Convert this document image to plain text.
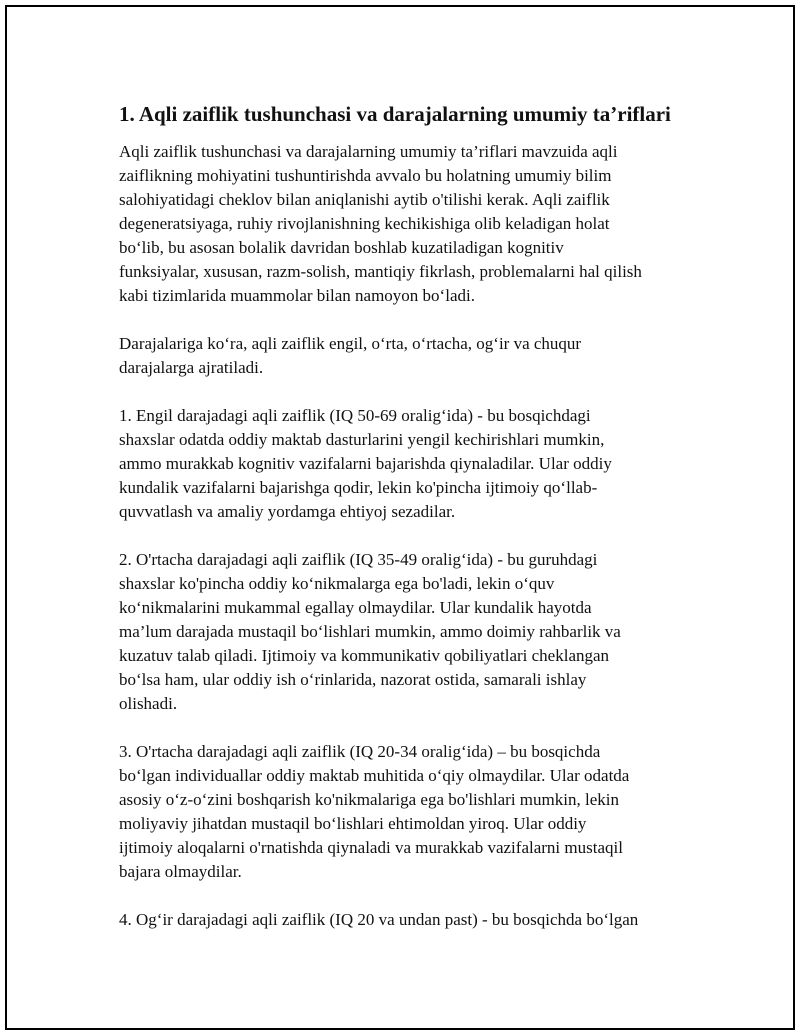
1. Aqli zaiflik tushunchasi va darajalarning umumiy ta’riflari
Aqli zaiflik tushunchasi va darajalarning umumiy ta’riflari mavzuida aqli
zaiflikning mohiyatini tushuntirishda avvalo bu holatning umumiy bilim
salohiyatidagi cheklov bilan aniqlanishi aytib o'tilishi kerak. Aqli zaiflik
degeneratsiyaga, ruhiy rivojlanishning kechikishiga olib keladigan holat
bo‘lib, bu asosan bolalik davridan boshlab kuzatiladigan kognitiv
funksiyalar, xususan, razm-solish, mantiqiy fikrlash, problemalarni hal qilish
kabi tizimlarida muammolar bilan namoyon bo‘ladi.
Darajalariga ko‘ra, aqli zaiflik engil, o‘rta, o‘rtacha, og‘ir va chuqur
darajalarga ajratiladi.
1. Engil darajadagi aqli zaiflik (IQ 50-69 oralig‘ida) - bu bosqichdagi
shaxslar odatda oddiy maktab dasturlarini yengil kechirishlari mumkin,
ammo murakkab kognitiv vazifalarni bajarishda qiynaladilar. Ular oddiy
kundalik vazifalarni bajarishga qodir, lekin ko'pincha ijtimoiy qo‘llab-
quvvatlash va amaliy yordamga ehtiyoj sezadilar.
2. O'rtacha darajadagi aqli zaiflik (IQ 35-49 oralig‘ida) - bu guruhdagi
shaxslar ko'pincha oddiy ko‘nikmalarga ega bo'ladi, lekin o‘quv
ko‘nikmalarini mukammal egallay olmaydilar. Ular kundalik hayotda
ma’lum darajada mustaqil bo‘lishlari mumkin, ammo doimiy rahbarlik va
kuzatuv talab qiladi. Ijtimoiy va kommunikativ qobiliyatlari cheklangan
bo‘lsa ham, ular oddiy ish o‘rinlarida, nazorat ostida, samarali ishlay
olishadi.
3. O'rtacha darajadagi aqli zaiflik (IQ 20-34 oralig‘ida) – bu bosqichda
bo‘lgan individuallar oddiy maktab muhitida o‘qiy olmaydilar. Ular odatda
asosiy o‘z-o‘zini boshqarish ko'nikmalariga ega bo'lishlari mumkin, lekin
moliyaviy jihatdan mustaqil bo‘lishlari ehtimoldan yiroq. Ular oddiy
ijtimoiy aloqalarni o'rnatishda qiynaladi va murakkab vazifalarni mustaqil
bajara olmaydilar.
4. Og‘ir darajadagi aqli zaiflik (IQ 20 va undan past) - bu bosqichda bo‘lgan
